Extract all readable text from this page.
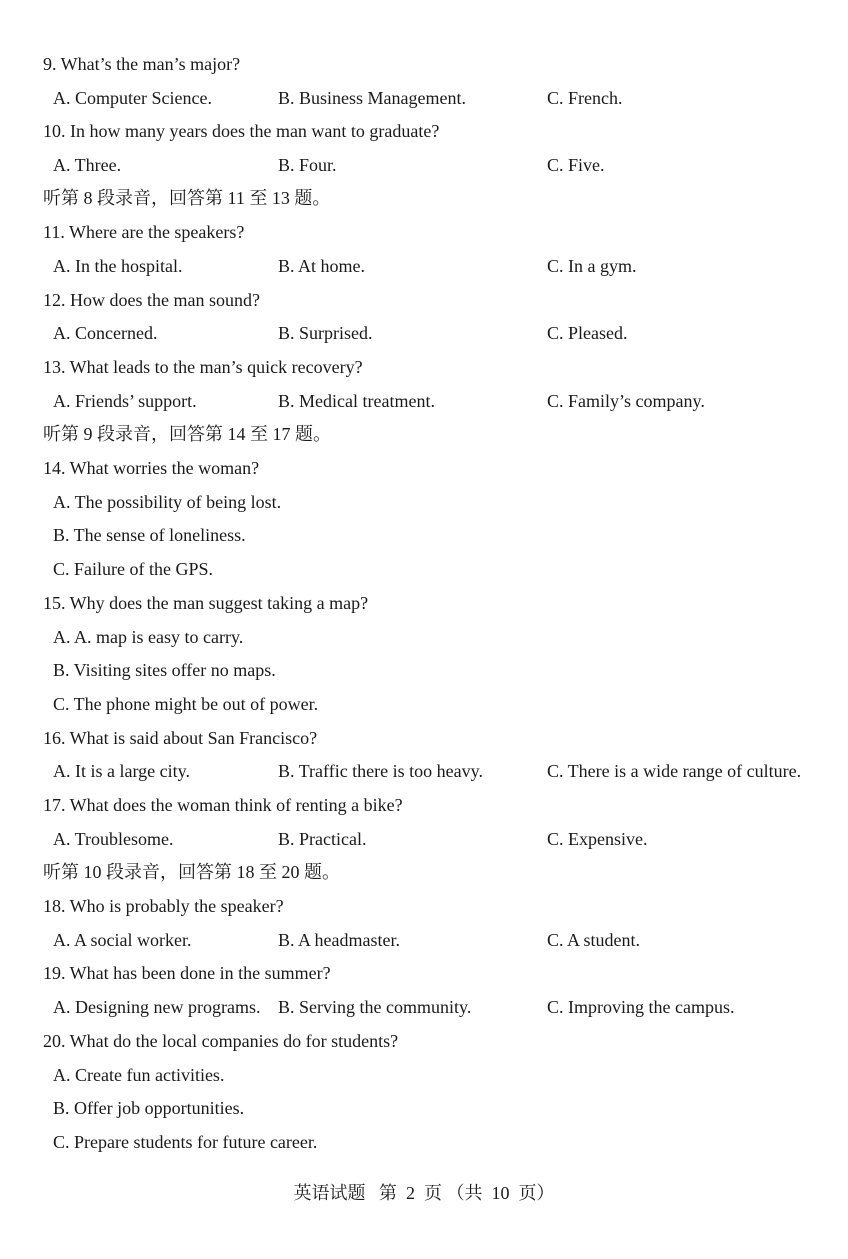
9. What’s the man’s major?
A. Computer Science.	B. Business Management.	C. French.
10. In how many years does the man want to graduate?
A. Three.	B. Four.	C. Five.
听第 8 段录音，回答第 11 至 13 题。
11. Where are the speakers?
A. In the hospital.	B. At home.	C. In a gym.
12. How does the man sound?
A. Concerned.	B. Surprised.	C. Pleased.
13. What leads to the man’s quick recovery?
A. Friends’ support.	B. Medical treatment.	C. Family’s company.
听第 9 段录音，回答第 14 至 17 题。
14. What worries the woman?
A. The possibility of being lost.
B. The sense of loneliness.
C. Failure of the GPS.
15. Why does the man suggest taking a map?
A. A. map is easy to carry.
B. Visiting sites offer no maps.
C. The phone might be out of power.
16. What is said about San Francisco?
A. It is a large city.	B. Traffic there is too heavy.	C. There is a wide range of culture.
17. What does the woman think of renting a bike?
A. Troublesome.	B. Practical.	C. Expensive.
听第 10 段录音，回答第 18 至 20 题。
18. Who is probably the speaker?
A. A social worker.	B. A headmaster.	C. A student.
19. What has been done in the summer?
A. Designing new programs. B. Serving the community.	C. Improving the campus.
20. What do the local companies do for students?
A. Create fun activities.
B. Offer job opportunities.
C. Prepare students for future career.
英语试题   第  2  页 （共  10  页）
